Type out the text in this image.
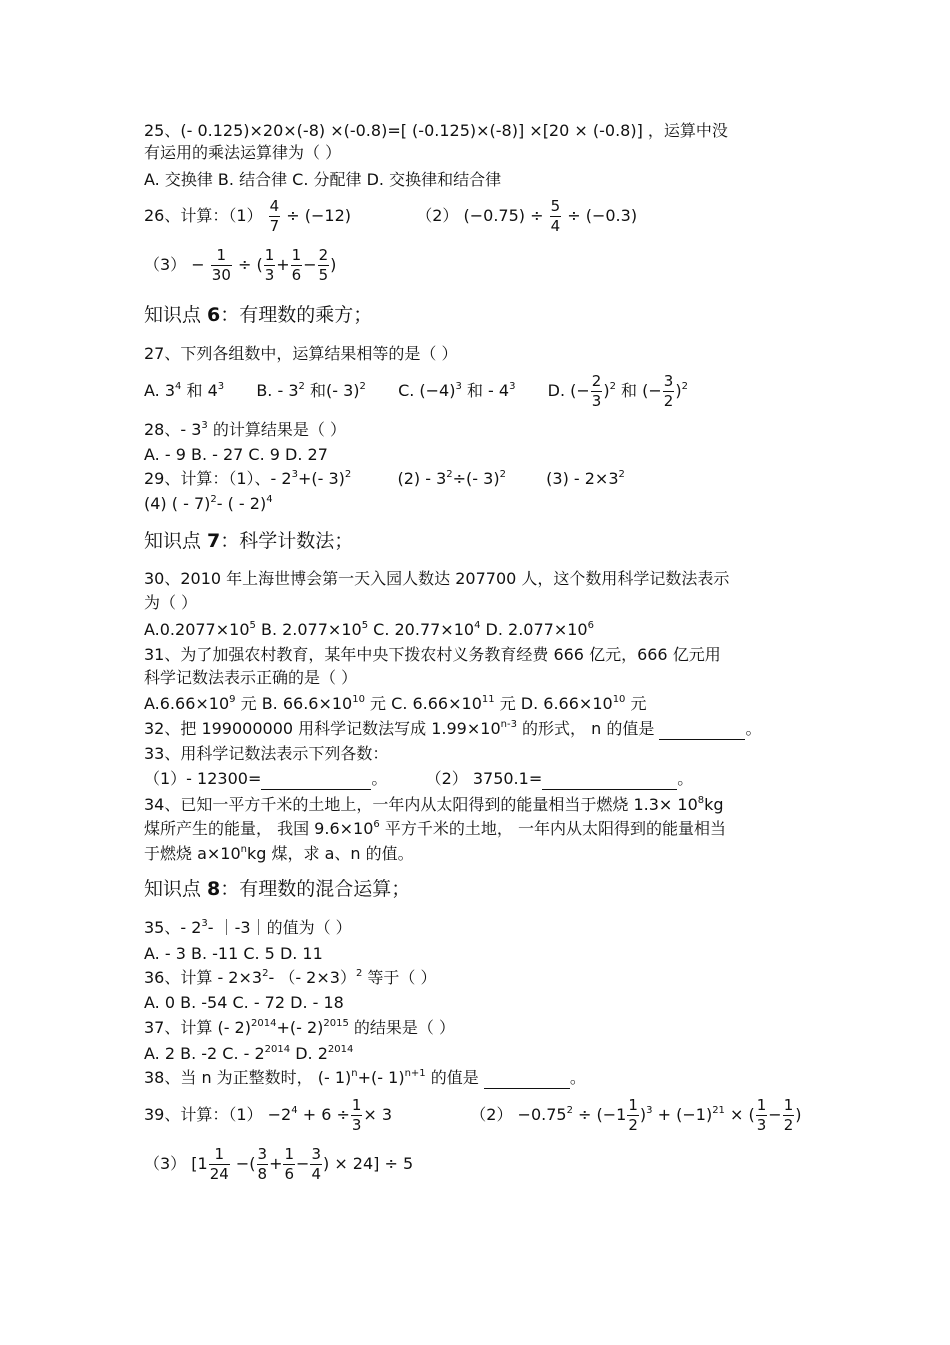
25、(- 0.125)×20×(-8) ×(-0.8)=[ (-0.125)×(-8)] ×[20 × (-0.8)] ，运算中没
有运用的乘法运算律为（ ）
A. 交换律 B. 结合律 C. 分配律 D. 交换律和结合律
26、计算：$(1) \frac{4}{7} \div (-12)$	（2） $(-0.75) \div \frac{5}{4} \div (-0.3)$
$(3) - \frac{1}{30}$ ÷ ( $\frac{1}{3} + \frac{1}{6} - \frac{2}{5}$ )
知识点 6：有理数的乘方；
27、下列各组数中，运算结果相等的是（ ）
A. $3^4$ 和 $4^3$ B. - $3^2$ 和(- 3)$^2$ C. $(-4)^3$ 和 - $4^3$ D. (− $\frac{2}{3} )^2$ 和 (− $\frac{3}{2} )^2$
28、- $3^3$ 的计算结果是（ ）
A. - 9 B. - 27 C. 9 D. 27
29、计算：（1）、- $2^3+(-$ 3)$^2$	$(2) - 3^2\div(-$ 3)$^2$	$(3) - 2\times 3^2$
(4) ( - 7)$^2$- ( - 2)$^4$
知识点 7：科学计数法；
30、2010 年上海世博会第一天入园人数达 207700 人，这个数用科学记数法表示
为（ ）
$A.0.2077\times 10^5$ B. $2.077\times 10^5$ C. $20.77\times 10^4$ D. $2.077\times 10^6$
31、为了加强农村教育，某年中央下拨农村义务教育经费 666 亿元，666 亿元用
科学记数法表示正确的是（ ）
$A.6.66\times 10^9$ 元 B. $66.6\times 10^{10}$ 元 C. $6.66\times 10^{11}$ 元 D. $6.66\times 10^{10}$ 元
32、把 199000000 用科学记数法写成 $1.99\times 10^{n-3}$ 的形式， n 的值是	。
33、用科学记数法表示下列各数：
（1）- 12300=	。 （2） 3750.1=	。
34、已知一平方千米的土地上，一年内从太阳得到的能量相当于燃烧 $1.3\times 10^8kg$
煤所产生的能量， 我国 $9.6\times 10^6$ 平方千米的土地， 一年内从太阳得到的能量相当
于燃烧 $a\times 10^nkg$ 煤，求 a、n 的值。
知识点 8：有理数的混合运算；
35、- $2^3-$ ｜-3｜的值为（ ）
A. - 3 B. -11 C. 5 D. 11
36、计算 - $2\times 3^2-$ （- 2×3）$^2$ 等于（ ）
A. 0 B. -54 C. - 72 D. - 18
37、计算 (- 2)$^{2014}$+(- 2)$^{2015}$ 的结果是（ ）
A. 2 B. -2 C. - $2^{2014}$ D. $2^{2014}$
38、当 n 为正整数时， (- 1)$^n$+(- 1)$^{n+1}$ 的值是	。
39、计算：$(1) -2^4 + 6 \div \frac{1}{3} \times 3$	$(2) -0.75^2 \div (-1 \frac{1}{2} )^3 + (-1)^{21}$ × ( $\frac{1}{3} - \frac{1}{2}$ )
（3） [$1 \frac{1}{24}$ −( $\frac{3}{8} + \frac{1}{6} - \frac{3}{4}$ ) × 24] ÷ 5
